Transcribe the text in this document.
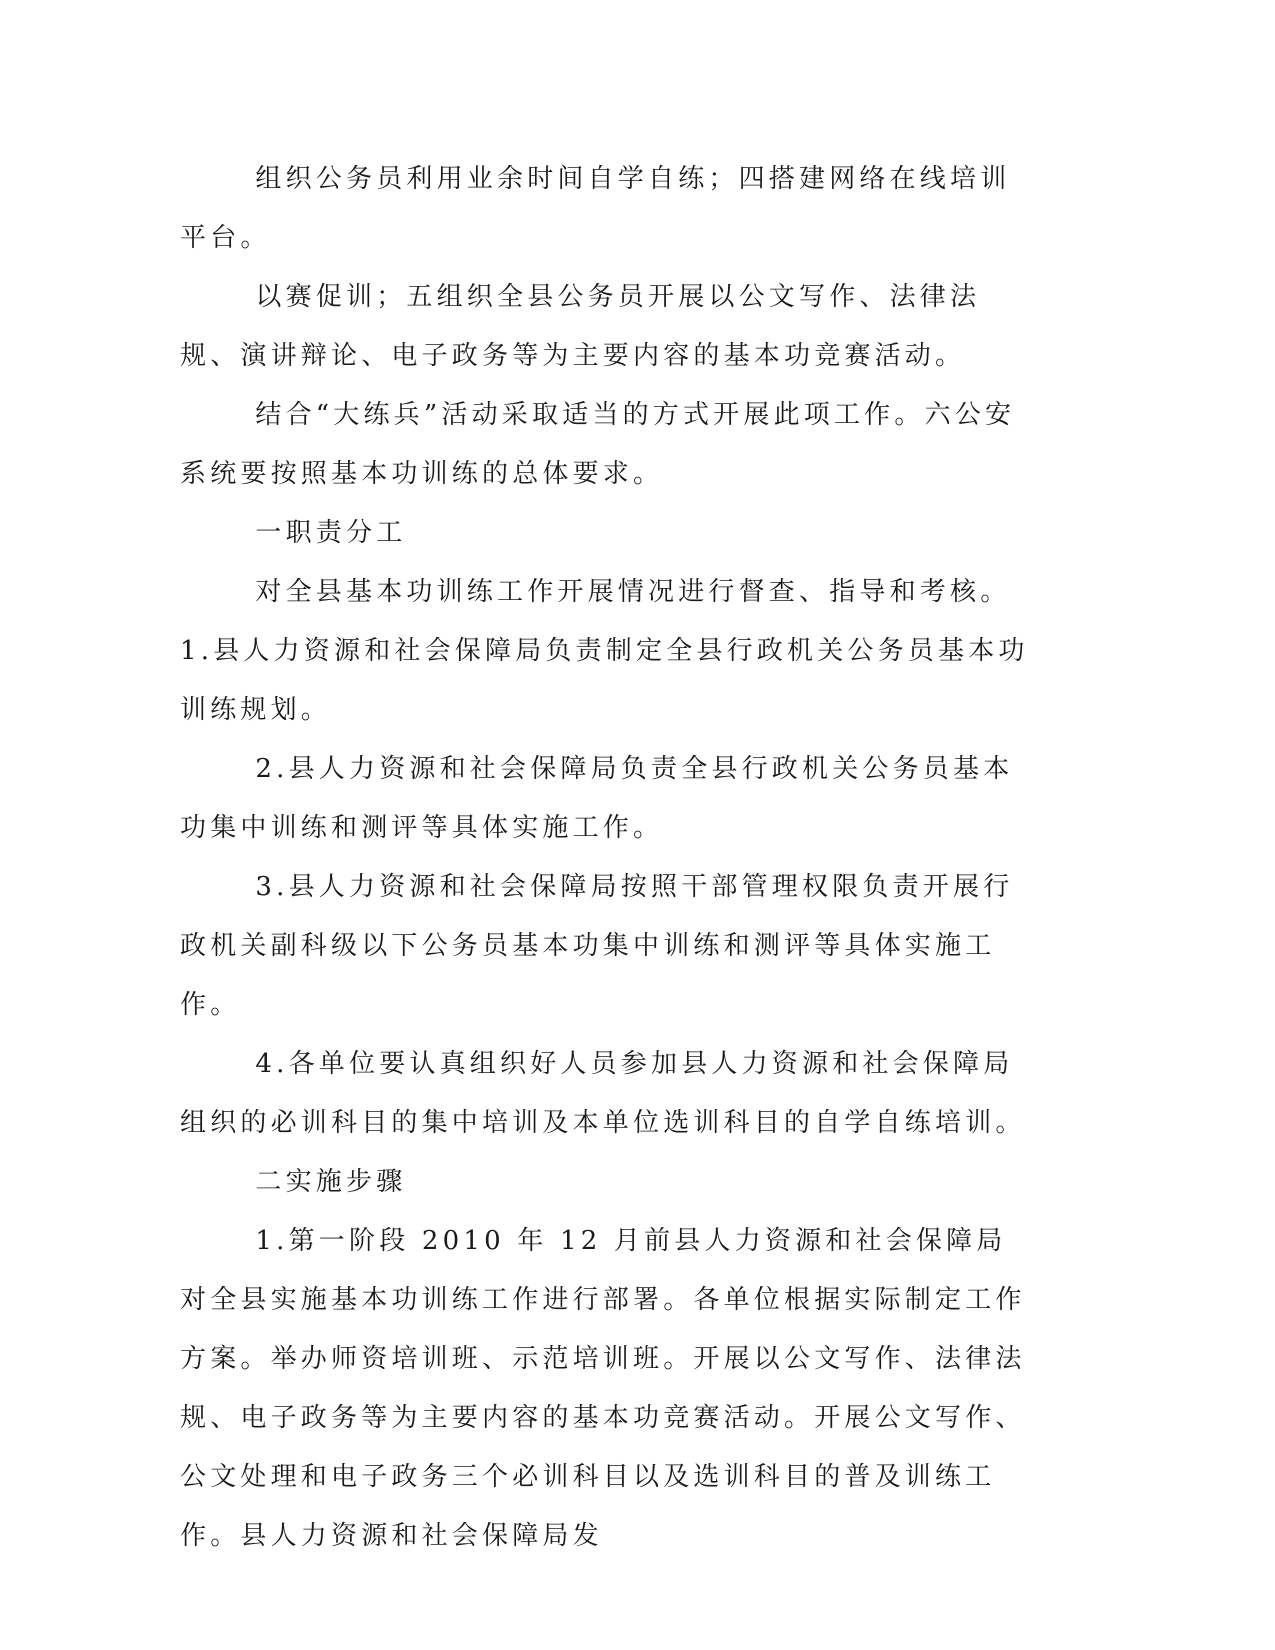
组织公务员利用业余时间自学自练；四搭建网络在线培训平台。

以赛促训；五组织全县公务员开展以公文写作、法律法规、演讲辩论、电子政务等为主要内容的基本功竞赛活动。

结合“大练兵”活动采取适当的方式开展此项工作。六公安系统要按照基本功训练的总体要求。

一职责分工

对全县基本功训练工作开展情况进行督查、指导和考核。1.县人力资源和社会保障局负责制定全县行政机关公务员基本功训练规划。

2.县人力资源和社会保障局负责全县行政机关公务员基本功集中训练和测评等具体实施工作。

3.县人力资源和社会保障局按照干部管理权限负责开展行政机关副科级以下公务员基本功集中训练和测评等具体实施工作。

4.各单位要认真组织好人员参加县人力资源和社会保障局组织的必训科目的集中培训及本单位选训科目的自学自练培训。

二实施步骤

1.第一阶段 2010 年 12 月前县人力资源和社会保障局对全县实施基本功训练工作进行部署。各单位根据实际制定工作方案。举办师资培训班、示范培训班。开展以公文写作、法律法规、电子政务等为主要内容的基本功竞赛活动。开展公文写作、公文处理和电子政务三个必训科目以及选训科目的普及训练工作。县人力资源和社会保障局发
